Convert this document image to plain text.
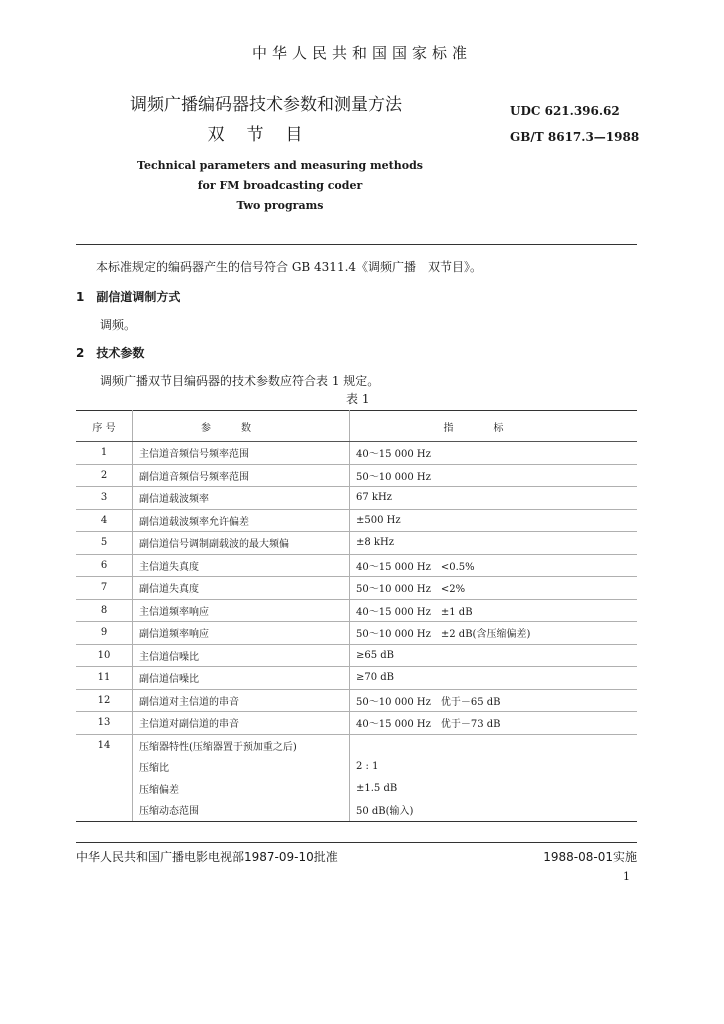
中华人民共和国国家标准
调频广播编码器技术参数和测量方法
双节目
UDC 621.396.62
GB/T 8617.3—1988
Technical parameters and measuring methods
for FM broadcasting coder
Two programs
本标准规定的编码器产生的信号符合 GB 4311.4《调频广播　双节目》。
1　副信道调制方式
调频。
2　技术参数
调频广播双节目编码器的技术参数应符合表 1 规定。
表 1
序 号	参数	指标
1	主信道音频信号频率范围	40～15 000 Hz
2	副信道音频信号频率范围	50～10 000 Hz
3	副信道载波频率	67 kHz
4	副信道载波频率允许偏差	±500 Hz
5	副信道信号调制副载波的最大频偏	±8 kHz
6	主信道失真度	40～15 000 Hz　<0.5%
7	副信道失真度	50～10 000 Hz　<2%
8	主信道频率响应	40～15 000 Hz　±1 dB
9	副信道频率响应	50～10 000 Hz　±2 dB(含压缩偏差)
10	主信道信噪比	≥65 dB
11	副信道信噪比	≥70 dB
12	副信道对主信道的串音	50～10 000 Hz　优于－65 dB
13	主信道对副信道的串音	40～15 000 Hz　优于－73 dB
14	压缩器特性(压缩器置于预加重之后)	
	压缩比	2 : 1
	压缩偏差	±1.5 dB
	压缩动态范围	50 dB(输入)
中华人民共和国广播电影电视部1987-09-10批准	1988-08-01实施
1
